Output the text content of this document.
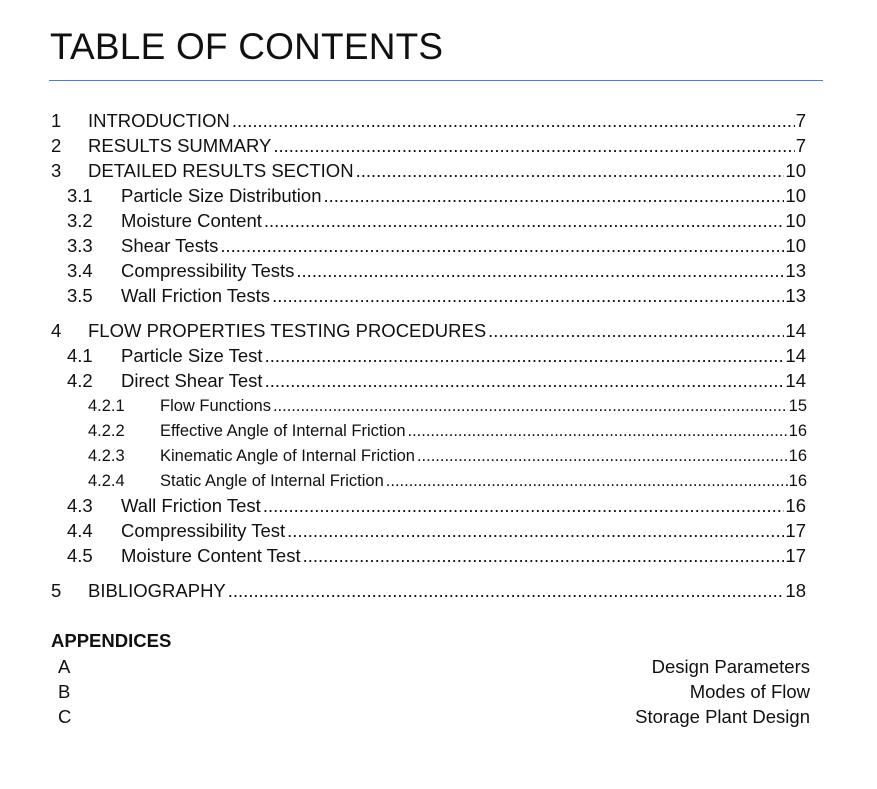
TABLE OF CONTENTS
1	INTRODUCTION .....	7
2	RESULTS SUMMARY .....	7
3	DETAILED RESULTS SECTION .....	10
3.1	Particle Size Distribution .....	10
3.2	Moisture Content .....	10
3.3	Shear Tests .....	10
3.4	Compressibility Tests .....	13
3.5	Wall Friction Tests .....	13
4	FLOW PROPERTIES TESTING PROCEDURES .....	14
4.1	Particle Size Test .....	14
4.2	Direct Shear Test .....	14
4.2.1	Flow Functions .....	15
4.2.2	Effective Angle of Internal Friction .....	16
4.2.3	Kinematic Angle of Internal Friction .....	16
4.2.4	Static Angle of Internal Friction .....	16
4.3	Wall Friction Test .....	16
4.4	Compressibility Test .....	17
4.5	Moisture Content Test .....	17
5	BIBLIOGRAPHY .....	18
APPENDICES
A	Design Parameters
B	Modes of Flow
C	Storage Plant Design
